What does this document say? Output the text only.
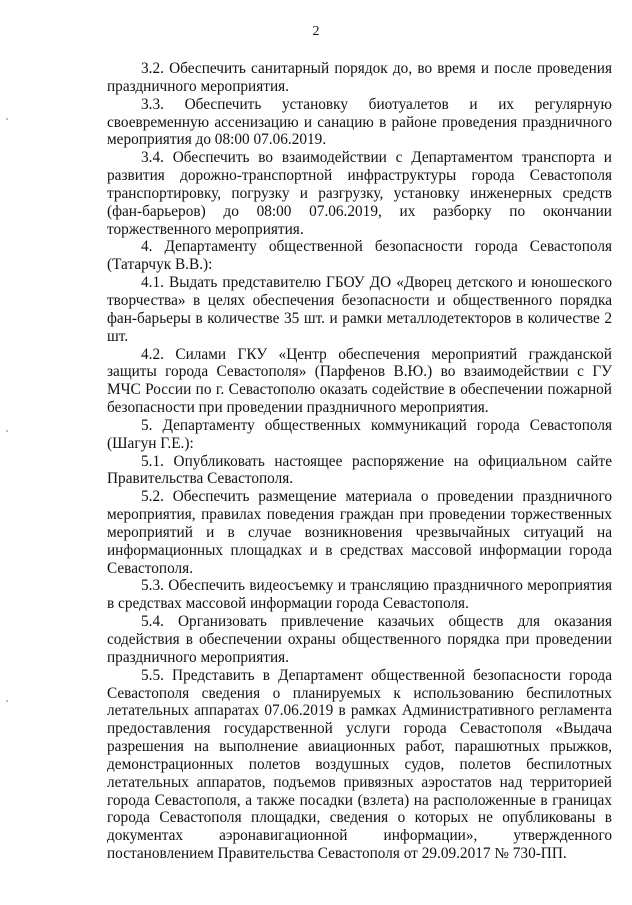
2

3.2. Обеспечить санитарный порядок до, во время и после проведения праздничного мероприятия.

3.3. Обеспечить установку биотуалетов и их регулярную своевременную ассенизацию и санацию в районе проведения праздничного мероприятия до 08:00 07.06.2019.

3.4. Обеспечить во взаимодействии с Департаментом транспорта и развития дорожно-транспортной инфраструктуры города Севастополя транспортировку, погрузку и разгрузку, установку инженерных средств (фан-барьеров) до 08:00 07.06.2019, их разборку по окончании торжественного мероприятия.

4. Департаменту общественной безопасности города Севастополя (Татарчук В.В.):

4.1. Выдать представителю ГБОУ ДО «Дворец детского и юношеского творчества» в целях обеспечения безопасности и общественного порядка фан-барьеры в количестве 35 шт. и рамки металлодетекторов в количестве 2 шт.

4.2. Силами ГКУ «Центр обеспечения мероприятий гражданской защиты города Севастополя» (Парфенов В.Ю.) во взаимодействии с ГУ МЧС России по г. Севастополю оказать содействие в обеспечении пожарной безопасности при проведении праздничного мероприятия.

5. Департаменту общественных коммуникаций города Севастополя (Шагун Г.Е.):

5.1. Опубликовать настоящее распоряжение на официальном сайте Правительства Севастополя.

5.2. Обеспечить размещение материала о проведении праздничного мероприятия, правилах поведения граждан при проведении торжественных мероприятий и в случае возникновения чрезвычайных ситуаций на информационных площадках и в средствах массовой информации города Севастополя.

5.3. Обеспечить видеосъемку и трансляцию праздничного мероприятия в средствах массовой информации города Севастополя.

5.4. Организовать привлечение казачьих обществ для оказания содействия в обеспечении охраны общественного порядка при проведении праздничного мероприятия.

5.5. Представить в Департамент общественной безопасности города Севастополя сведения о планируемых к использованию беспилотных летательных аппаратах 07.06.2019 в рамках Административного регламента предоставления государственной услуги города Севастополя «Выдача разрешения на выполнение авиационных работ, парашютных прыжков, демонстрационных полетов воздушных судов, полетов беспилотных летательных аппаратов, подъемов привязных аэростатов над территорией города Севастополя, а также посадки (взлета) на расположенные в границах города Севастополя площадки, сведения о которых не опубликованы в документах аэронавигационной информации», утвержденного постановлением Правительства Севастополя от 29.09.2017 № 730-ПП.
